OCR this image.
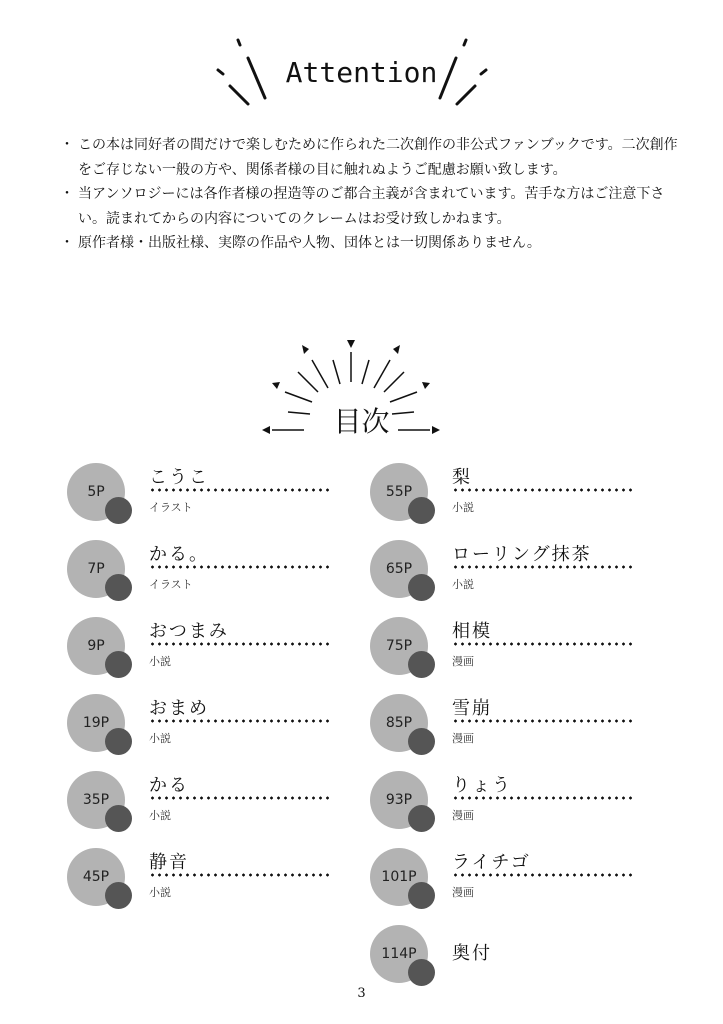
Attention

・ この本は同好者の間だけで楽しむために作られた二次創作の非公式ファンブックです。二次創作をご存じない一般の方や、関係者様の目に触れぬようご配慮お願い致します。

・ 当アンソロジーには各作者様の捏造等のご都合主義が含まれています。苦手な方はご注意下さい。読まれてからの内容についてのクレームはお受け致しかねます。

・ 原作者様・出版社様、実際の作品や人物、団体とは一切関係ありません。

目次
5P
こうこ
イラスト
7P
かる。
イラスト
9P
おつまみ
小説
19P
おまめ
小説
35P
かる
小説
45P
静音
小説
55P
梨
小説
65P
ローリング抹茶
小説
75P
相模
漫画
85P
雪崩
漫画
93P
りょう
漫画
101P
ライチゴ
漫画
114P 奥付
3
